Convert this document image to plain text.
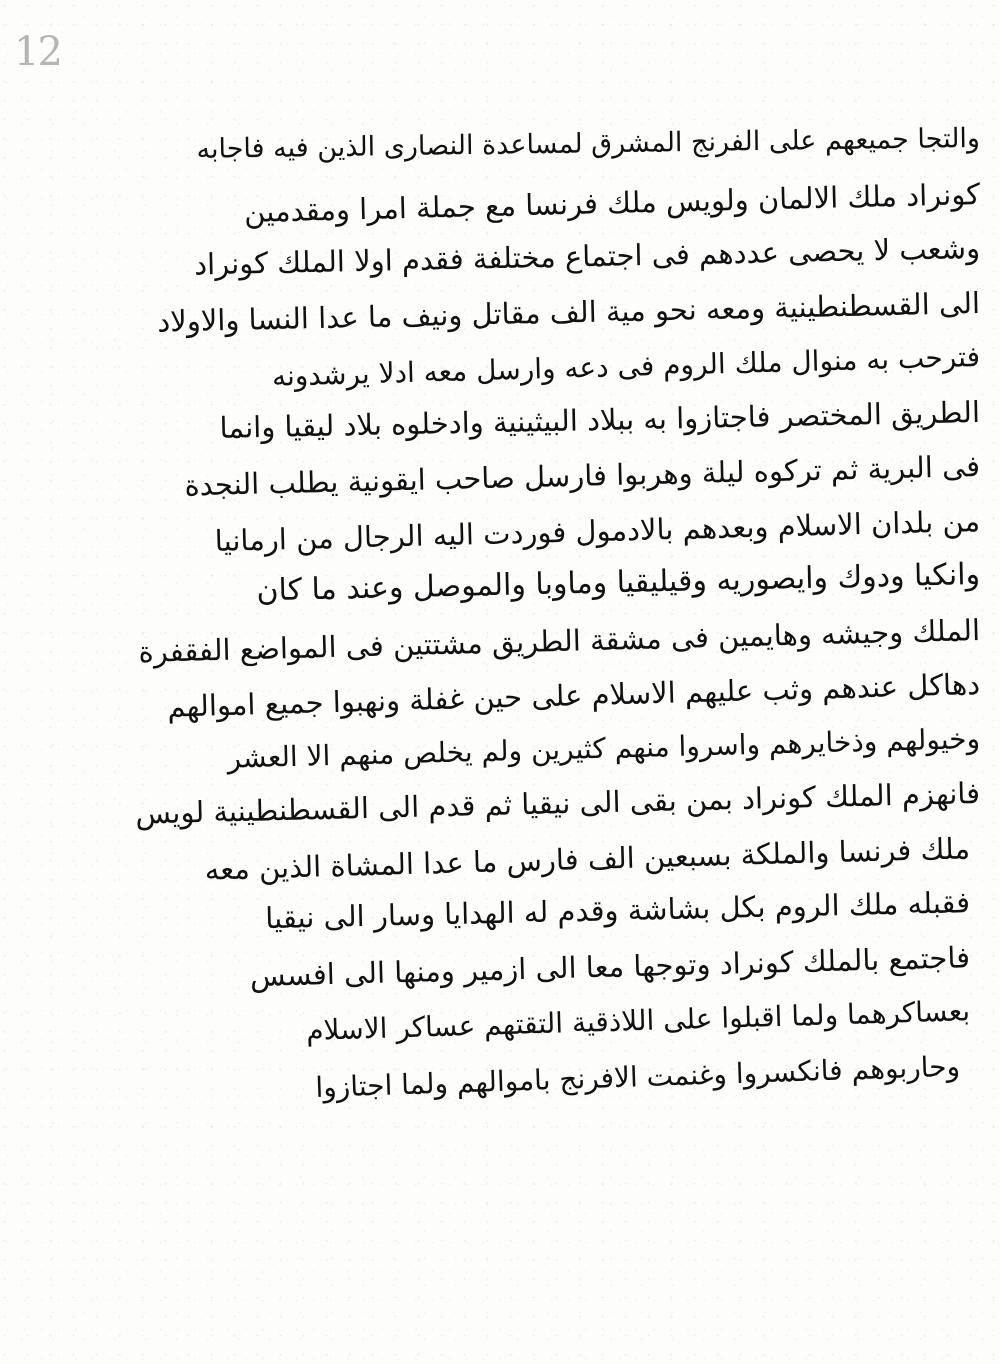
12
والتجا جميعهم على الفرنج المشرق لمساعدة النصارى الذين فيه فاجابه
كونراد ملك الالمان ولويس ملك فرنسا مع جملة امرا ومقدمين
وشعب لا يحصى عددهم فى اجتماع مختلفة فقدم اولا الملك كونراد
الى القسطنطينية ومعه نحو مية الف مقاتل ونيف ما عدا النسا والاولاد
فترحب به منوال ملك الروم فى دعه وارسل معه ادلا يرشدونه
الطريق المختصر فاجتازوا به ببلاد البيثينية وادخلوه بلاد ليقيا وانما
فى البرية ثم تركوه ليلة وهربوا فارسل صاحب ايقونية يطلب النجدة
من بلدان الاسلام وبعدهم بالادمول فوردت اليه الرجال من ارمانيا
وانكيا ودوك وايصوريه وقيليقيا وماوبا والموصل وعند ما كان
الملك وجيشه وهايمين فى مشقة الطريق مشتتين فى المواضع الفقفرة
دهاكل عندهم وثب عليهم الاسلام على حين غفلة ونهبوا جميع اموالهم
وخيولهم وذخايرهم واسروا منهم كثيرين ولم يخلص منهم الا العشر
فانهزم الملك كونراد بمن بقى الى نيقيا ثم قدم الى القسطنطينية لويس
ملك فرنسا والملكة بسبعين الف فارس ما عدا المشاة الذين معه
فقبله ملك الروم بكل بشاشة وقدم له الهدايا وسار الى نيقيا
فاجتمع بالملك كونراد وتوجها معا الى ازمير ومنها الى افسس
بعساكرهما ولما اقبلوا على اللاذقية التقتهم عساكر الاسلام
وحاربوهم فانكسروا وغنمت الافرنج باموالهم ولما اجتازوا
